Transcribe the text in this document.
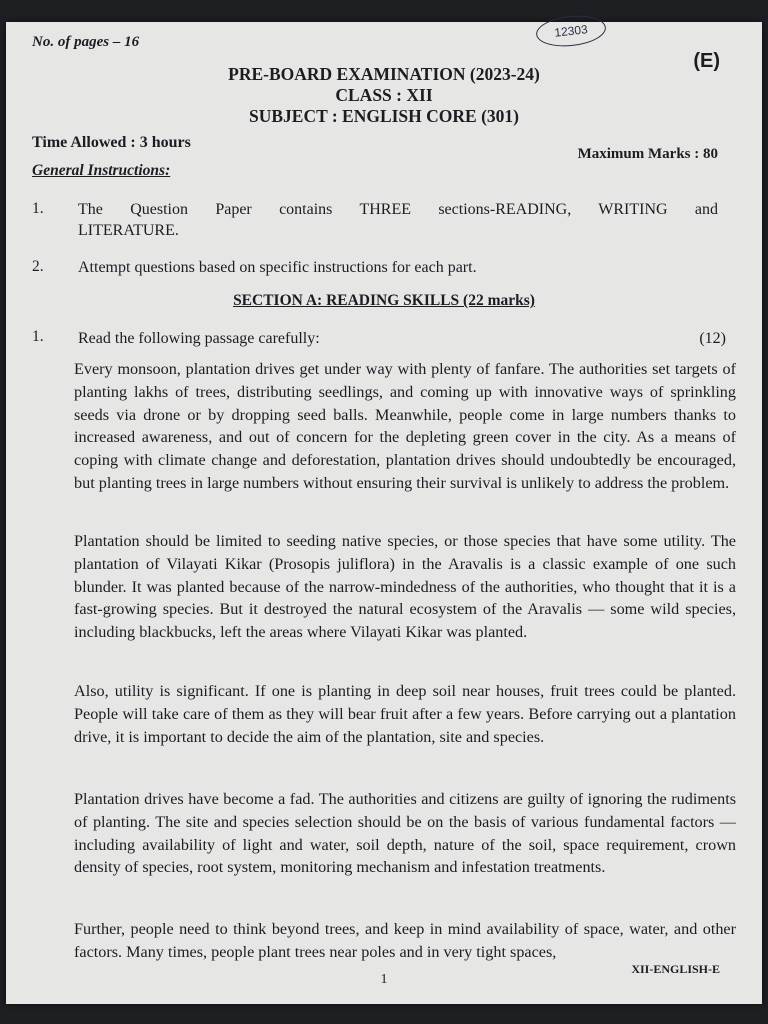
12303
No. of pages – 16
(E)
PRE-BOARD EXAMINATION (2023-24)
CLASS : XII
SUBJECT : ENGLISH CORE (301)
Time Allowed : 3 hours
Maximum Marks : 80
General Instructions:
1. The Question Paper contains THREE sections-READING, WRITING and
LITERATURE.
2. Attempt questions based on specific instructions for each part.
SECTION A: READING SKILLS (22 marks)
1. Read the following passage carefully:	(12)
Every monsoon, plantation drives get under way with plenty of fanfare. The authorities set targets of planting lakhs of trees, distributing seedlings, and coming up with innovative ways of sprinkling seeds via drone or by dropping seed balls. Meanwhile, people come in large numbers thanks to increased awareness, and out of concern for the depleting green cover in the city. As a means of coping with climate change and deforestation, plantation drives should undoubtedly be encouraged, but planting trees in large numbers without ensuring their survival is unlikely to address the problem.
Plantation should be limited to seeding native species, or those species that have some utility. The plantation of Vilayati Kikar (Prosopis juliflora) in the Aravalis is a classic example of one such blunder. It was planted because of the narrow-mindedness of the authorities, who thought that it is a fast-growing species. But it destroyed the natural ecosystem of the Aravalis — some wild species, including blackbucks, left the areas where Vilayati Kikar was planted.
Also, utility is significant. If one is planting in deep soil near houses, fruit trees could be planted. People will take care of them as they will bear fruit after a few years. Before carrying out a plantation drive, it is important to decide the aim of the plantation, site and species.
Plantation drives have become a fad. The authorities and citizens are guilty of ignoring the rudiments of planting. The site and species selection should be on the basis of various fundamental factors — including availability of light and water, soil depth, nature of the soil, space requirement, crown density of species, root system, monitoring mechanism and infestation treatments.
Further, people need to think beyond trees, and keep in mind availability of space, water, and other factors. Many times, people plant trees near poles and in very tight spaces,
1
XII-ENGLISH-E
